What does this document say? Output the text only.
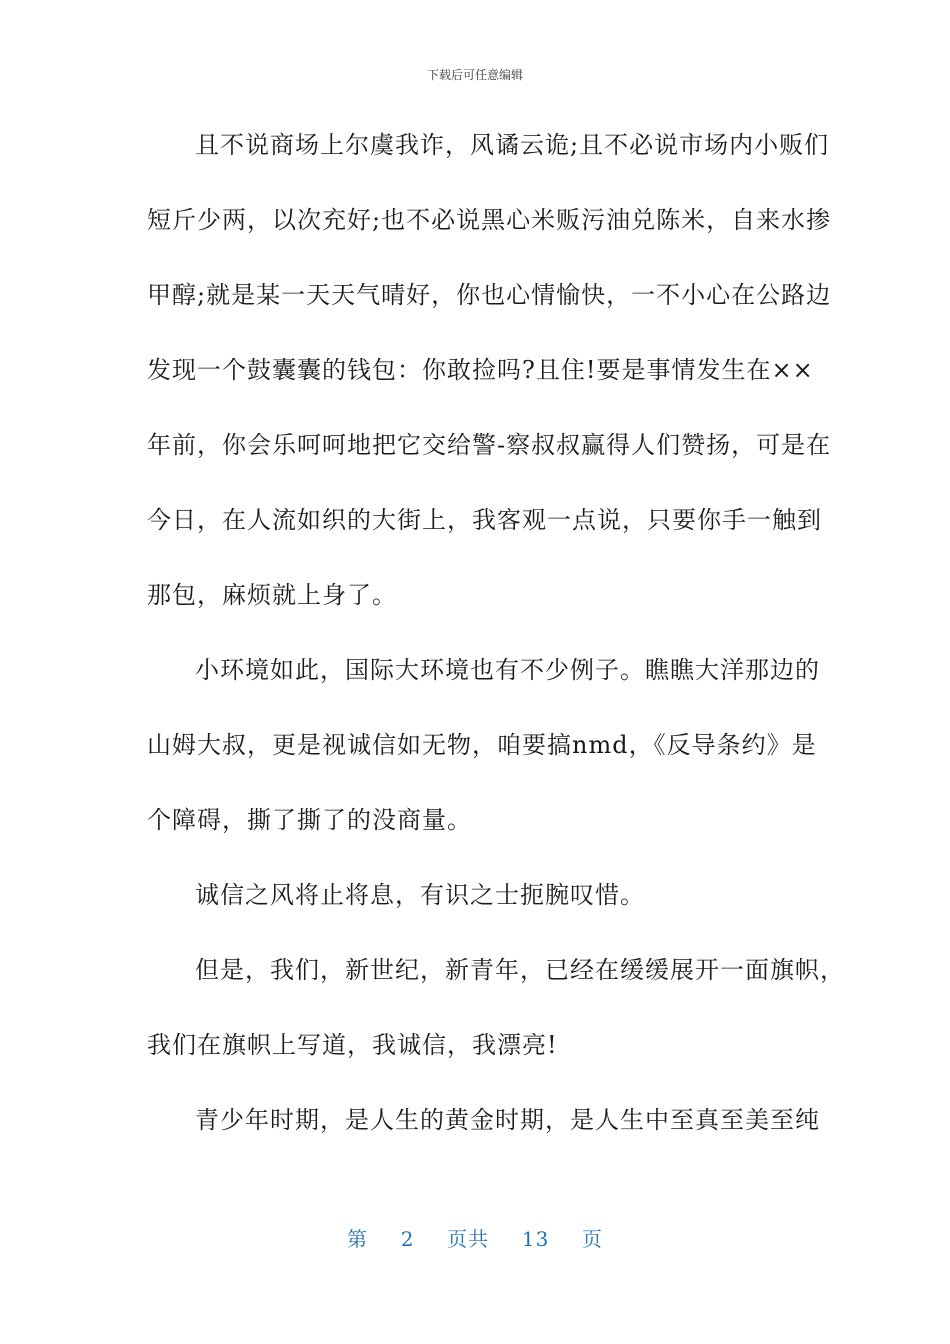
下载后可任意编辑
且不说商场上尔虞我诈，风谲云诡;且不必说市场内小贩们
短斤少两，以次充好;也不必说黑心米贩污油兑陈米，自来水掺
甲醇;就是某一天天气晴好，你也心情愉快，一不小心在公路边
发现一个鼓囊囊的钱包：你敢捡吗?且住!要是事情发生在××
年前，你会乐呵呵地把它交给警-察叔叔赢得人们赞扬，可是在
今日，在人流如织的大街上，我客观一点说，只要你手一触到
那包，麻烦就上身了。
小环境如此，国际大环境也有不少例子。瞧瞧大洋那边的
山姆大叔，更是视诚信如无物，咱要搞nmd，《反导条约》是
个障碍，撕了撕了的没商量。
诚信之风将止将息，有识之士扼腕叹惜。
但是，我们，新世纪，新青年，已经在缓缓展开一面旗帜，
我们在旗帜上写道，我诚信，我漂亮!
青少年时期，是人生的黄金时期，是人生中至真至美至纯
第 2 页共 13 页
